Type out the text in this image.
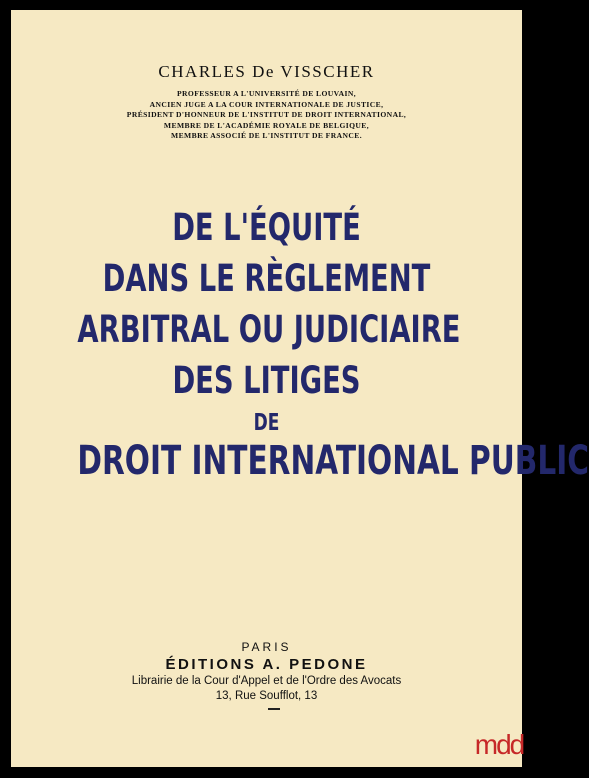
CHARLES De VISSCHER
PROFESSEUR A L'UNIVERSITÉ DE LOUVAIN,
ANCIEN JUGE A LA COUR INTERNATIONALE DE JUSTICE,
PRÉSIDENT D'HONNEUR DE L'INSTITUT DE DROIT INTERNATIONAL,
MEMBRE DE L'ACADÉMIE ROYALE DE BELGIQUE,
MEMBRE ASSOCIÉ DE L'INSTITUT DE FRANCE.
DE L'ÉQUITÉ
DANS LE RÈGLEMENT
ARBITRAL OU JUDICIAIRE
DES LITIGES
DE
DROIT INTERNATIONAL PUBLIC
PARIS
ÉDITIONS A. PEDONE
Librairie de la Cour d'Appel et de l'Ordre des Avocats
13, Rue Soufflot, 13
mdd
